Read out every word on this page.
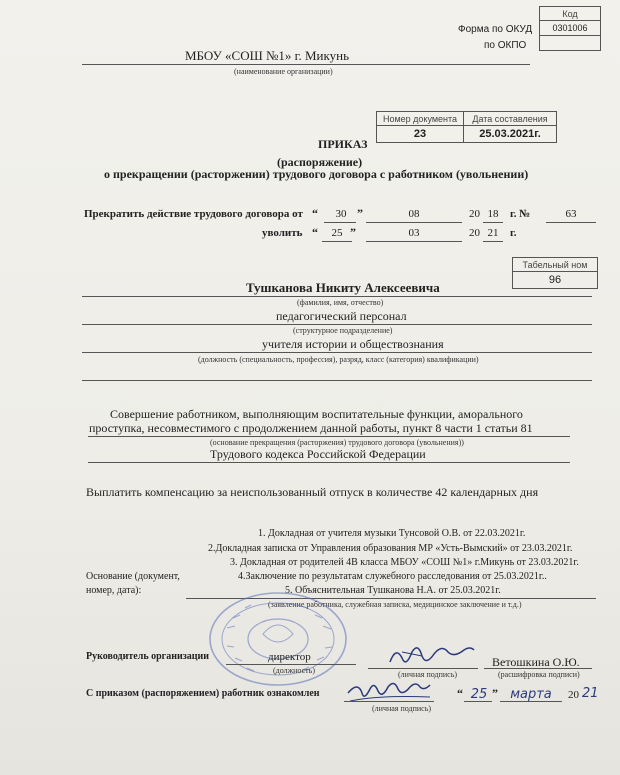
Код
0301006

Форма по ОКУД
по ОКПО
МБОУ «СОШ №1» г. Микунь
(наименование организации)
Номер документа	Дата составления
23	25.03.2021г.
ПРИКАЗ
(распоряжение)
о прекращении (расторжении) трудового договора с работником (увольнении)
Прекратить действие трудового договора от “	30 ”	08	20 18	г. №	63
уволить “	25 ”	03	20 21	г.
Табельный ном
96
Тушканова Никиту Алексеевича
(фамилия, имя, отчество)
педагогический персонал
(структурное подразделение)
учителя истории и обществознания
(должность (специальность, профессия), разряд, класс (категория) квалификации)
Совершение работником, выполняющим воспитательные функции, аморального
проступка, несовместимого с продолжением данной работы, пункт 8 части 1 статьи 81
(основание прекращения (расторжения) трудового договора (увольнения))
Трудового кодекса Российской Федерации
Выплатить компенсацию за неиспользованный отпуск в количестве 42 календарных дня
1. Докладная от учителя музыки Тунсовой О.В. от 22.03.2021г.
2.Докладная записка от Управления образования МР «Усть-Вымский» от 23.03.2021г.
3. Докладная от родителей 4В класса МБОУ «СОШ №1» г.Микунь от 23.03.2021г.
4.Заключение по результатам служебного расследования от 25.03.2021г..
5. Объяснительная Тушканова Н.А. от 25.03.2021г.
Основание (документ,
номер, дата):
(заявление работника, служебная записка, медицинское заключение и т.д.)
Руководитель организации	директор
(должность)	(личная подпись)
Ветошкина О.Ю.
(расшифровка подписи)
С приказом (распоряжением) работник ознакомлен
(личная подпись)
“ 25 ” марта	20 21
